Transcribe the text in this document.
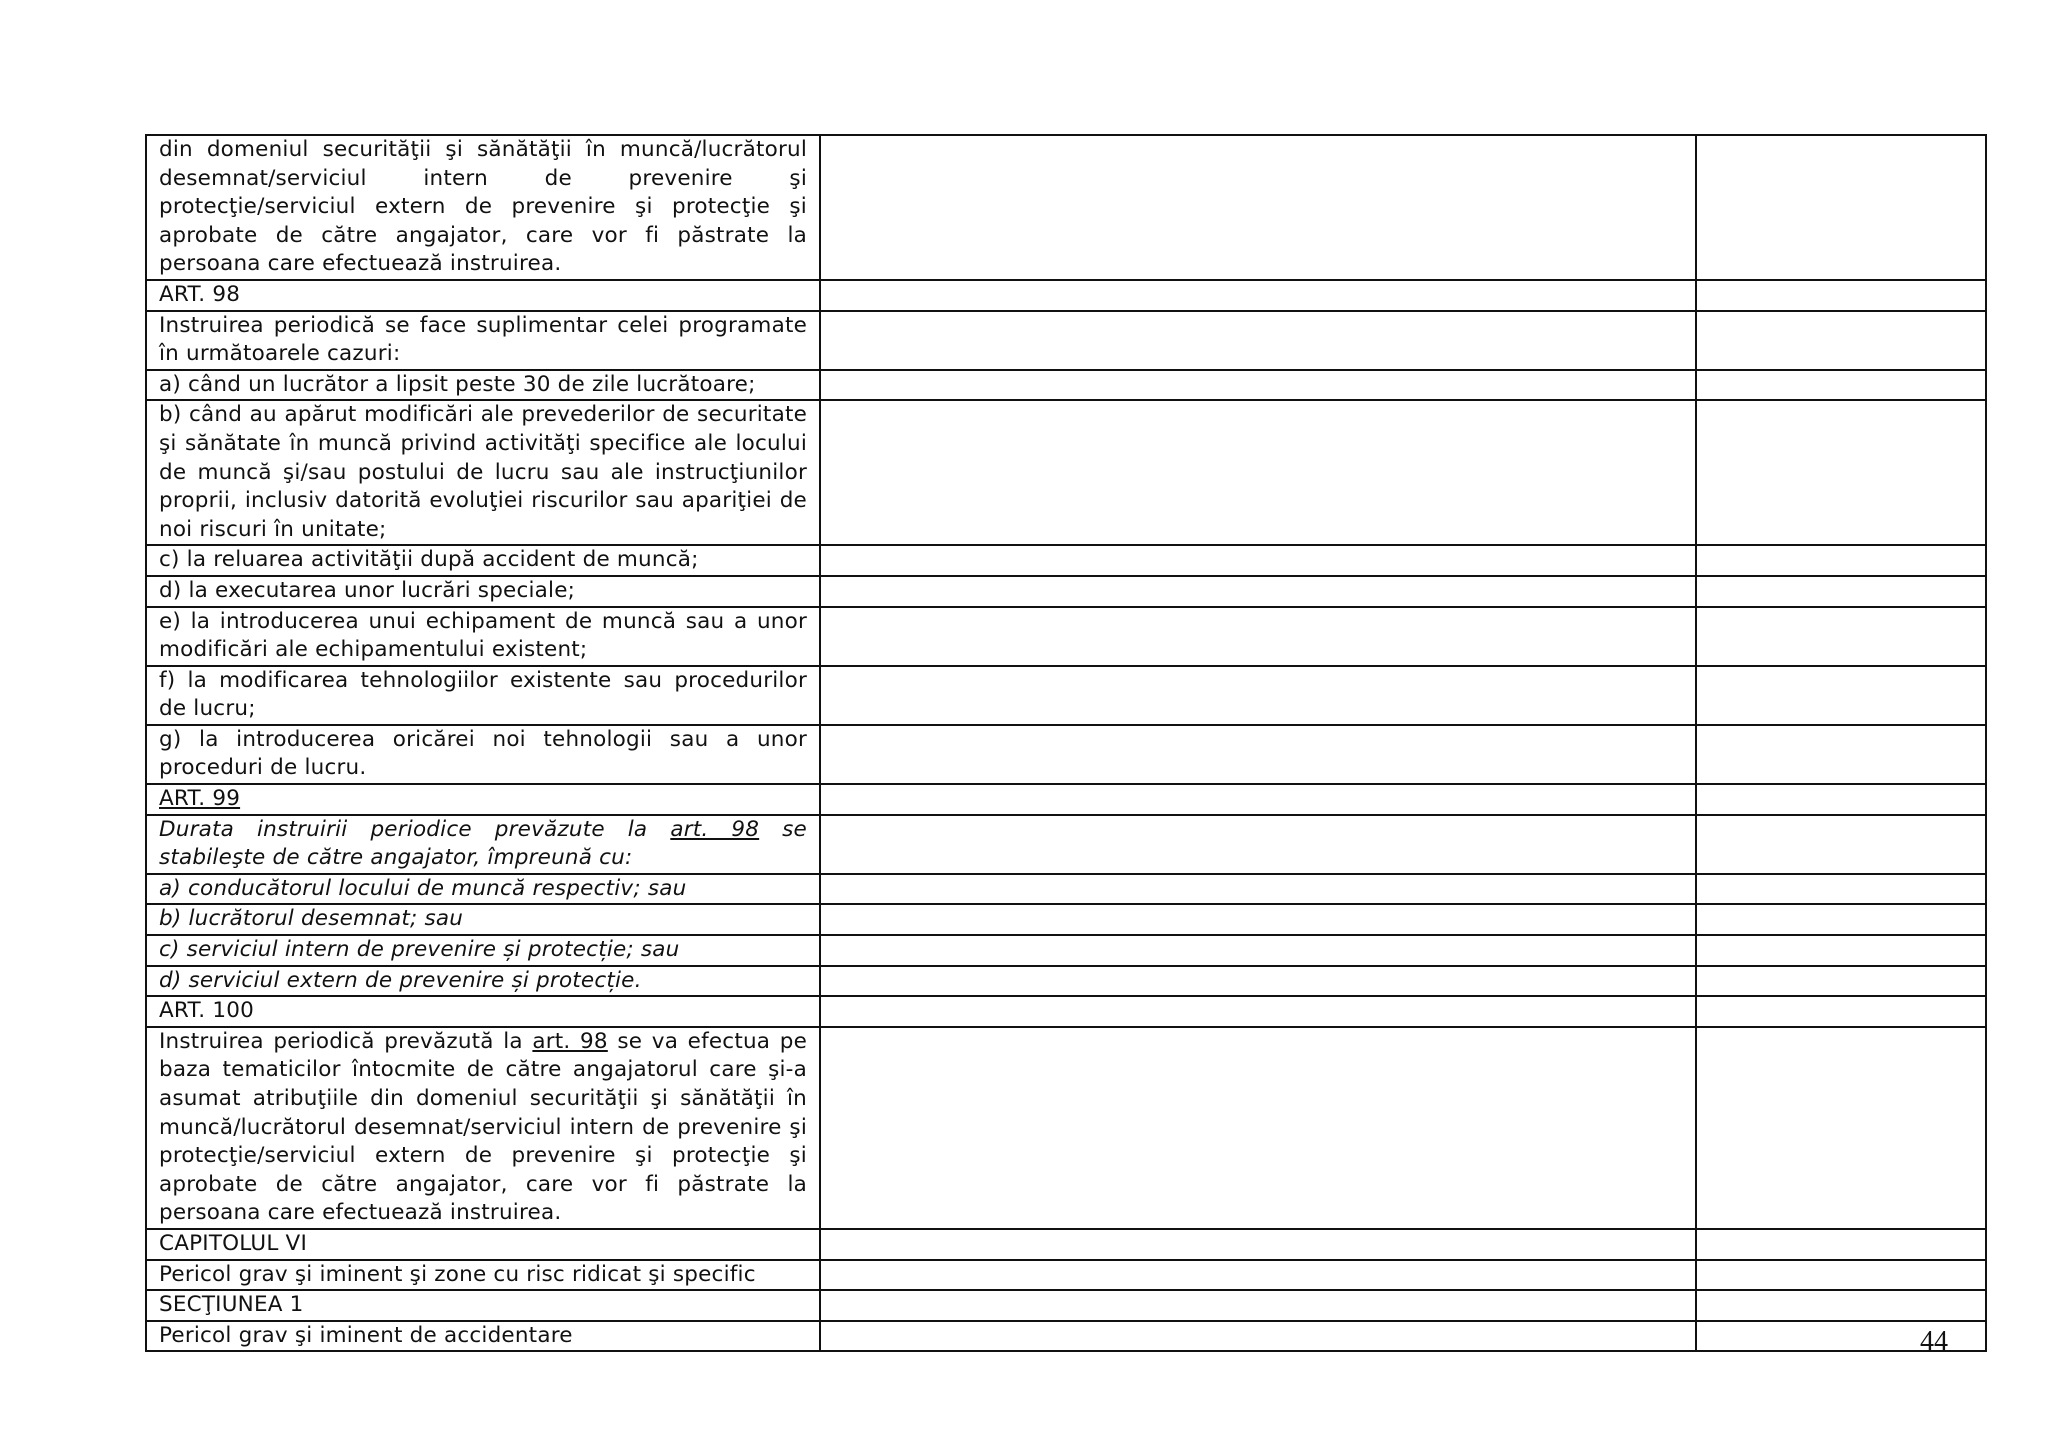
din domeniul securităţii şi sănătăţii în muncă/lucrătorul desemnat/serviciul intern de prevenire şi protecţie/serviciul extern de prevenire şi protecţie şi aprobate de către angajator, care vor fi păstrate la persoana care efectuează instruirea.		
ART. 98		
Instruirea periodică se face suplimentar celei programate în următoarele cazuri:		
a) când un lucrător a lipsit peste 30 de zile lucrătoare;		
b) când au apărut modificări ale prevederilor de securitate şi sănătate în muncă privind activităţi specifice ale locului de muncă şi/sau postului de lucru sau ale instrucţiunilor proprii, inclusiv datorită evoluţiei riscurilor sau apariţiei de noi riscuri în unitate;		
c) la reluarea activităţii după accident de muncă;		
d) la executarea unor lucrări speciale;		
e) la introducerea unui echipament de muncă sau a unor modificări ale echipamentului existent;		
f) la modificarea tehnologiilor existente sau procedurilor de lucru;		
g) la introducerea oricărei noi tehnologii sau a unor proceduri de lucru.		
ART. 99		
Durata instruirii periodice prevăzute la art. 98 se stabileşte de către angajator, împreună cu:		
a) conducătorul locului de muncă respectiv; sau		
b) lucrătorul desemnat; sau		
c) serviciul intern de prevenire și protecție; sau		
d) serviciul extern de prevenire și protecție.		
ART. 100		
Instruirea periodică prevăzută la art. 98 se va efectua pe baza tematicilor întocmite de către angajatorul care şi-a asumat atribuţiile din domeniul securităţii şi sănătăţii în muncă/lucrătorul desemnat/serviciul intern de prevenire şi protecţie/serviciul extern de prevenire şi protecţie şi aprobate de către angajator, care vor fi păstrate la persoana care efectuează instruirea.		
CAPITOLUL VI		
Pericol grav şi iminent şi zone cu risc ridicat şi specific		
SECŢIUNEA 1		
Pericol grav şi iminent de accidentare			44
